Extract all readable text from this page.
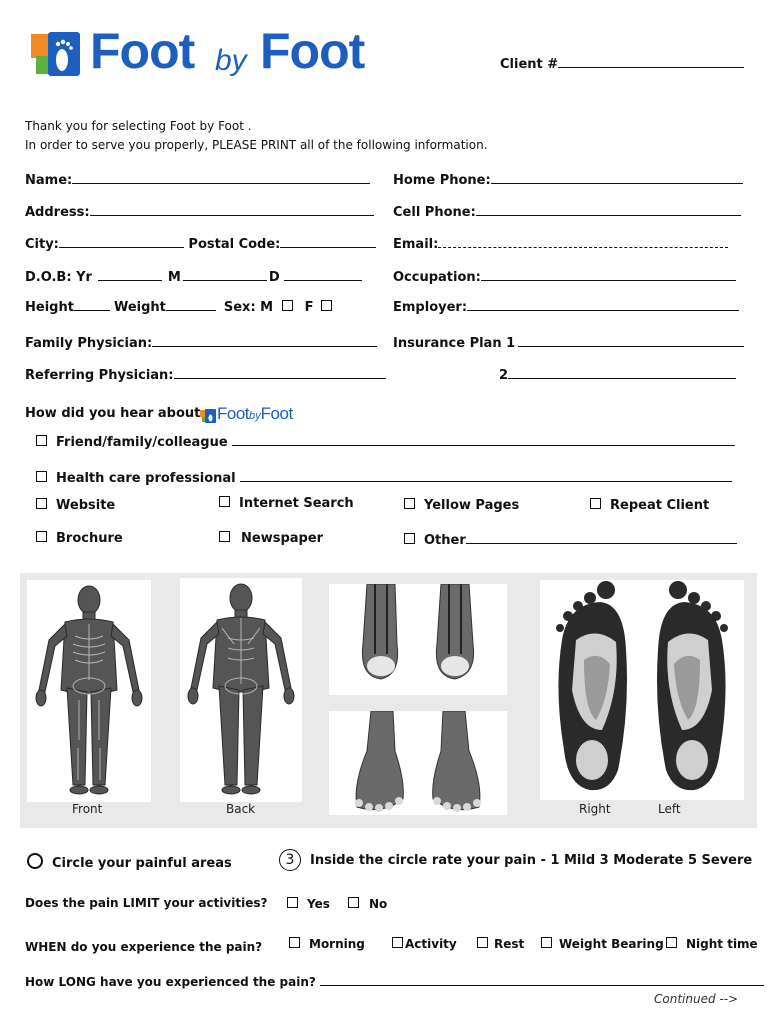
Foot by Foot	Client #
Thank you for selecting Foot by Foot .
In order to serve you properly, PLEASE PRINT all of the following information.
Name:	Home Phone:
Address:	Cell Phone:
City:	Postal Code:	Email:
D.O.B: Yr	M	D	Occupation:
Height	Weight	Sex: M F	Employer:
Family Physician:	Insurance Plan 1
Referring Physician:	2
How did you hear about FootbyFoot
Friend/family/colleague
Health care professional
Website	Internet Search	Yellow Pages	Repeat Client
Brochure	Newspaper	Other
Front	Back	Right	Left
Circle your painful areas	3 Inside the circle rate your pain - 1 Mild 3 Moderate 5 Severe
Does the pain LIMIT your activities?	Yes	No
WHEN do you experience the pain?	Morning	Activity	Rest	Weight Bearing	Night time
How LONG have you experienced the pain?
Continued -->
